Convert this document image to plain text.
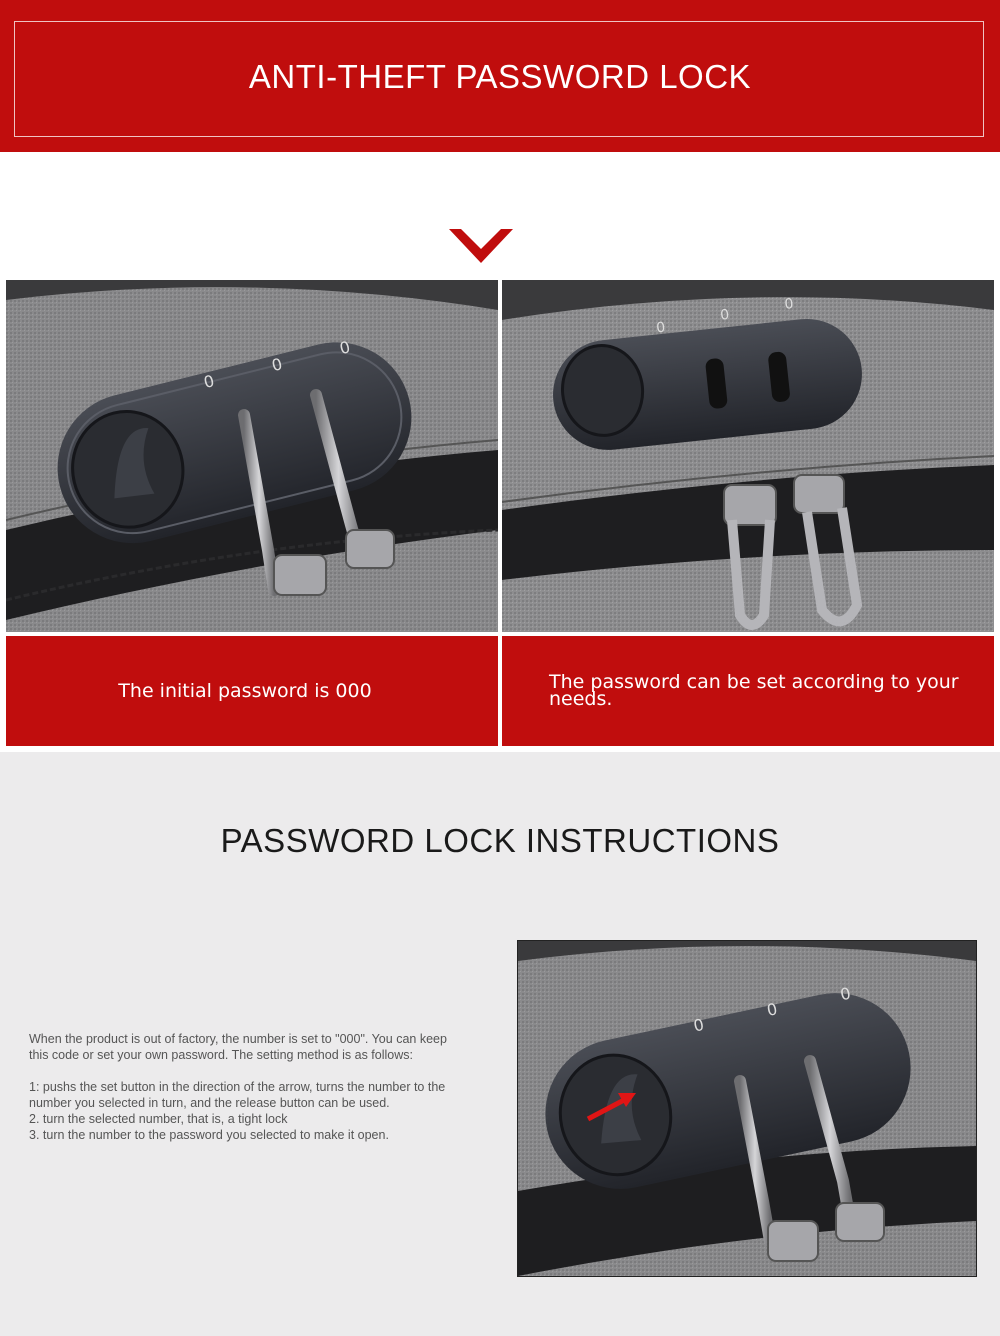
ANTI-THEFT PASSWORD LOCK
0
0
0
0
0
0
The initial password is 000	The password can be set according to your needs.
PASSWORD LOCK INSTRUCTIONS

When the product is out of factory, the number is set to "000". You can keep this code or set your own password. The setting method is as follows:

1: pushs the set button in the direction of the arrow, turns the number to the number you selected in turn, and the release button can be used.
2. turn the selected number, that is, a tight lock
3. turn the number to the password you selected to make it open.
0
0
0
